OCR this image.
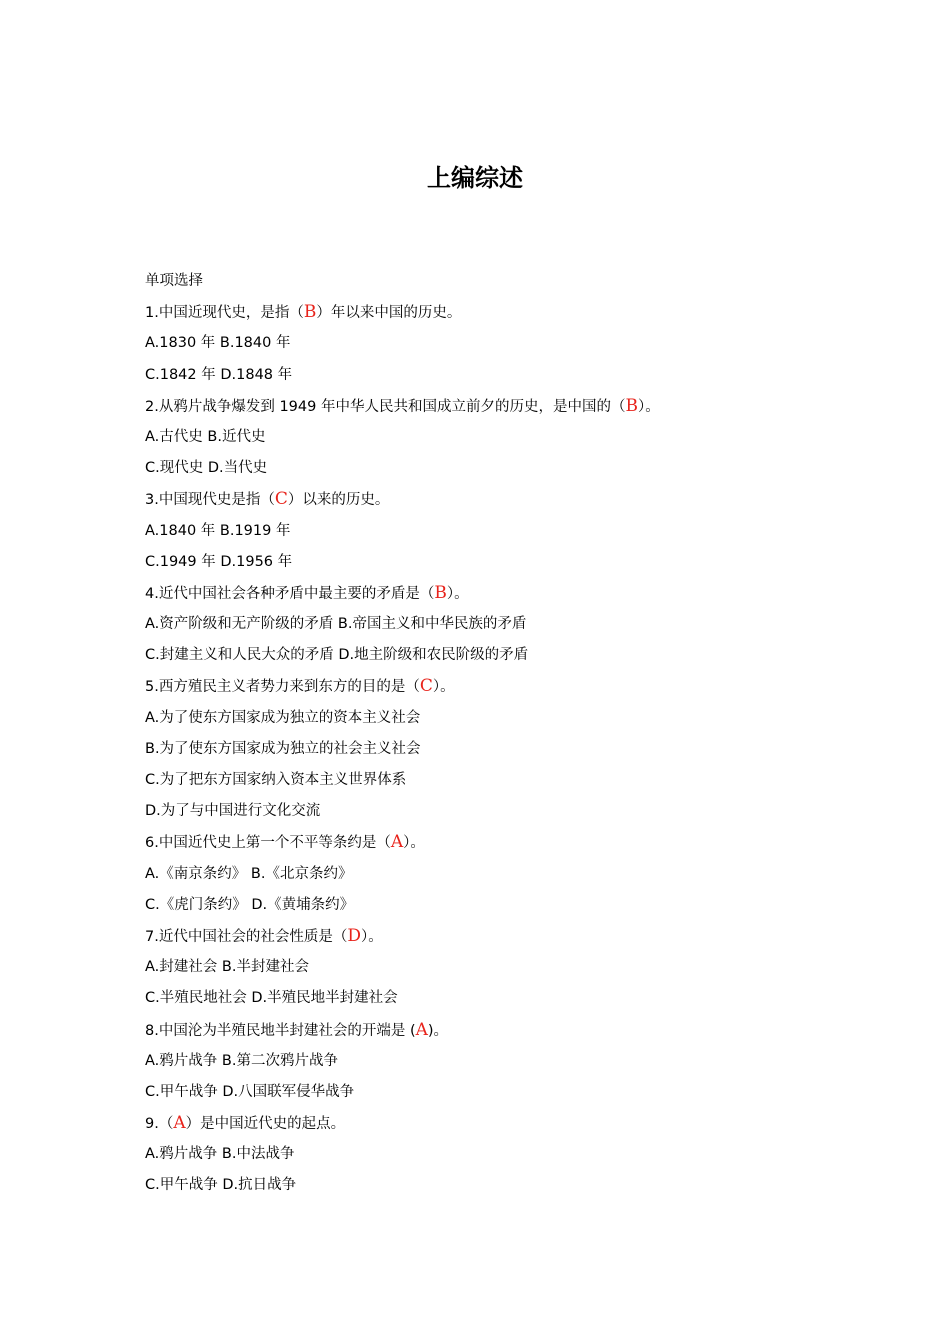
上编综述
单项选择
1.中国近现代史，是指（B）年以来中国的历史。
A.1830 年 B.1840 年
C.1842 年 D.1848 年
2.从鸦片战争爆发到 1949 年中华人民共和国成立前夕的历史，是中国的（B）。
A.古代史 B.近代史
C.现代史 D.当代史
3.中国现代史是指（C）以来的历史。
A.1840 年 B.1919 年
C.1949 年 D.1956 年
4.近代中国社会各种矛盾中最主要的矛盾是（B）。
A.资产阶级和无产阶级的矛盾 B.帝国主义和中华民族的矛盾
C.封建主义和人民大众的矛盾 D.地主阶级和农民阶级的矛盾
5.西方殖民主义者势力来到东方的目的是（C）。
A.为了使东方国家成为独立的资本主义社会
B.为了使东方国家成为独立的社会主义社会
C.为了把东方国家纳入资本主义世界体系
D.为了与中国进行文化交流
6.中国近代史上第一个不平等条约是（A）。
A.《南京条约》 B.《北京条约》
C.《虎门条约》 D.《黄埔条约》
7.近代中国社会的社会性质是（D）。
A.封建社会 B.半封建社会
C.半殖民地社会 D.半殖民地半封建社会
8.中国沦为半殖民地半封建社会的开端是 (A)。
A.鸦片战争 B.第二次鸦片战争
C.甲午战争 D.八国联军侵华战争
9.（A）是中国近代史的起点。
A.鸦片战争 B.中法战争
C.甲午战争 D.抗日战争
